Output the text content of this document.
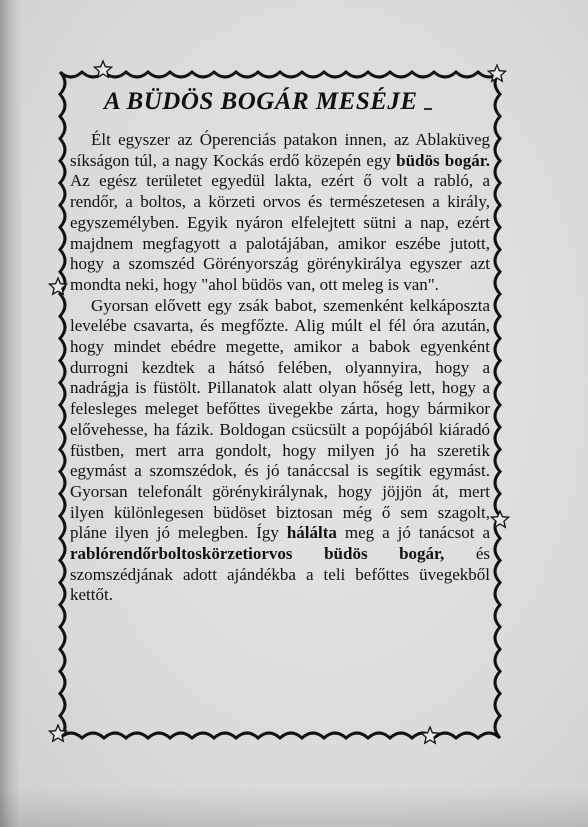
A BÜDÖS BOGÁR MESÉJE

Élt egyszer az Óperenciás patakon innen, az Ablaküveg síkságon túl, a nagy Kockás erdő közepén egy büdös bogár. Az egész területet egyedül lakta, ezért ő volt a rabló, a rendőr, a boltos, a körzeti orvos és természetesen a király, egyszemélyben. Egyik nyáron elfelejtett sütni a nap, ezért majdnem megfagyott a palotájában, amikor eszébe jutott, hogy a szomszéd Görényország görénykirálya egyszer azt mondta neki, hogy "ahol büdös van, ott meleg is van".

Gyorsan elővett egy zsák babot, szemenként kelkáposzta levelébe csavarta, és megfőzte. Alig múlt el fél óra azután, hogy mindet ebédre megette, amikor a babok egyenként durrogni kezdtek a hátsó felében, olyannyira, hogy a nadrágja is füstölt. Pillanatok alatt olyan hőség lett, hogy a felesleges meleget befőttes üvegekbe zárta, hogy bármikor elővehesse, ha fázik. Boldogan csücsült a popójából kiáradó füstben, mert arra gondolt, hogy milyen jó ha szeretik egymást a szomszédok, és jó tanáccsal is segítik egymást. Gyorsan telefonált görénykirálynak, hogy jöjjön át, mert ilyen különlegesen büdöset biztosan még ő sem szagolt, pláne ilyen jó melegben. Így hálálta meg a jó tanácsot a rablórendőrboltoskörzetiorvos büdös bogár, és szomszédjának adott ajándékba a teli befőttes üvegekből kettőt.
